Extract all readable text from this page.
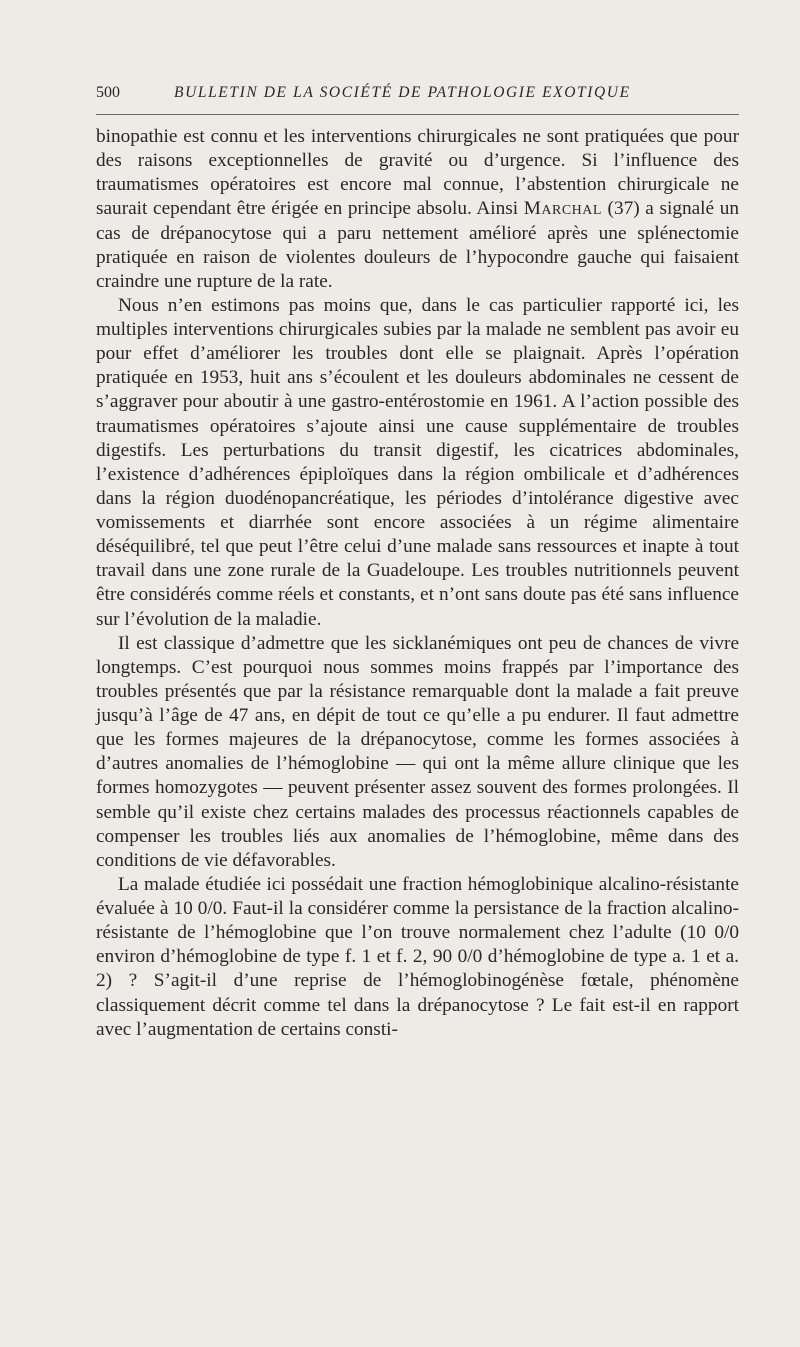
500	BULLETIN DE LA SOCIÉTÉ DE PATHOLOGIE EXOTIQUE

binopathie est connu et les interventions chirurgicales ne sont pratiquées que pour des raisons exceptionnelles de gravité ou d’urgence. Si l’influence des traumatismes opératoires est encore mal connue, l’abstention chirurgicale ne saurait cependant être érigée en principe absolu. Ainsi Marchal (37) a signalé un cas de drépanocytose qui a paru nettement amélioré après une splénectomie pratiquée en raison de violentes douleurs de l’hypocondre gauche qui faisaient craindre une rupture de la rate.

Nous n’en estimons pas moins que, dans le cas particulier rapporté ici, les multiples interventions chirurgicales subies par la malade ne semblent pas avoir eu pour effet d’améliorer les troubles dont elle se plaignait. Après l’opération pratiquée en 1953, huit ans s’écoulent et les douleurs abdominales ne cessent de s’aggraver pour aboutir à une gastro-entérostomie en 1961. A l’action possible des traumatismes opératoires s’ajoute ainsi une cause supplémentaire de troubles digestifs. Les perturbations du transit digestif, les cicatrices abdominales, l’existence d’adhérences épiploïques dans la région ombilicale et d’adhérences dans la région duodénopancréatique, les périodes d’intolérance digestive avec vomissements et diarrhée sont encore associées à un régime alimentaire déséquilibré, tel que peut l’être celui d’une malade sans ressources et inapte à tout travail dans une zone rurale de la Guadeloupe. Les troubles nutritionnels peuvent être considérés comme réels et constants, et n’ont sans doute pas été sans influence sur l’évolution de la maladie.

Il est classique d’admettre que les sicklanémiques ont peu de chances de vivre longtemps. C’est pourquoi nous sommes moins frappés par l’importance des troubles présentés que par la résistance remarquable dont la malade a fait preuve jusqu’à l’âge de 47 ans, en dépit de tout ce qu’elle a pu endurer. Il faut admettre que les formes majeures de la drépanocytose, comme les formes associées à d’autres anomalies de l’hémoglobine — qui ont la même allure clinique que les formes homozygotes — peuvent présenter assez souvent des formes prolongées. Il semble qu’il existe chez certains malades des processus réactionnels capables de compenser les troubles liés aux anomalies de l’hémoglobine, même dans des conditions de vie défavorables.

La malade étudiée ici possédait une fraction hémoglobinique alcalino-résistante évaluée à 10 0/0. Faut-il la considérer comme la persistance de la fraction alcalino-résistante de l’hémoglobine que l’on trouve normalement chez l’adulte (10 0/0 environ d’hémoglobine de type f. 1 et f. 2, 90 0/0 d’hémoglobine de type a. 1 et a. 2) ? S’agit-il d’une reprise de l’hémoglobinogénèse fœtale, phénomène classiquement décrit comme tel dans la drépanocytose ? Le fait est-il en rapport avec l’augmentation de certains consti-
